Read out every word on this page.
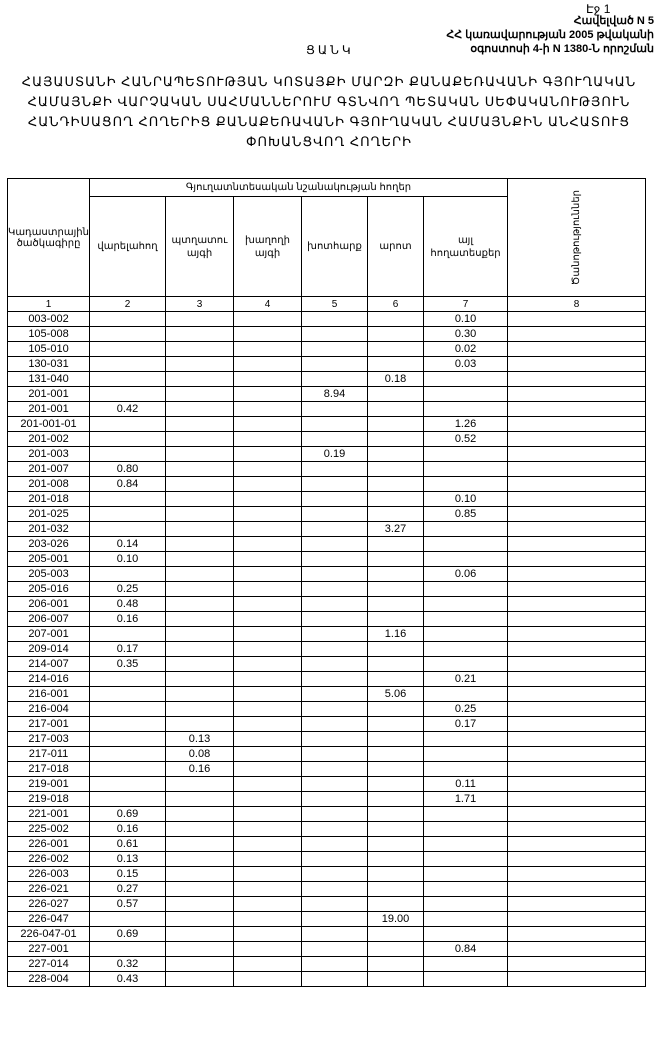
Էջ 1
Հավելված N 5
ՀՀ կառավարության 2005 թվականի
օգոստոսի 4-ի N 1380-Ն որոշման
ՑԱՆԿ
ՀԱՅԱՍՏԱՆԻ ՀԱՆՐԱՊԵՏՈՒԹՅԱՆ ԿՈՏԱՅՔԻ ՄԱՐԶԻ ՔԱՆԱՔԵՌԱՎԱՆԻ ԳՅՈՒՂԱԿԱՆ
ՀԱՄԱՅՆՔԻ ՎԱՐՉԱԿԱՆ ՍԱՀՄԱՆՆԵՐՈՒՄ ԳՏՆՎՈՂ ՊԵՏԱԿԱՆ ՍԵՓԱԿԱՆՈՒԹՅՈՒՆ
ՀԱՆԴԻՍԱՑՈՂ ՀՈՂԵՐԻՑ ՔԱՆԱՔԵՌԱՎԱՆԻ ԳՅՈՒՂԱԿԱՆ ՀԱՄԱՅՆՔԻՆ ԱՆՀԱՏՈՒՑ
ՓՈԽԱՆՑՎՈՂ ՀՈՂԵՐԻ
Կադաստրային ծածկագիրը	Գյուղատնտեսական նշանակության հողեր						Ծանոթություններ

	վարելահող	պտղատու այգի	խաղողի այգի	խոտհարք	արոտ	այլ հողատեսքեր	
1	2	3	4	5	6	7	8
003-002						0.10	
105-008						0.30	
105-010						0.02	
130-031						0.03	
131-040					0.18		
201-001				8.94			
201-001	0.42						
201-001-01						1.26	
201-002						0.52	
201-003				0.19			
201-007	0.80						
201-008	0.84						
201-018						0.10	
201-025						0.85	
201-032					3.27		
203-026	0.14						
205-001	0.10						
205-003						0.06	
205-016	0.25						
206-001	0.48						
206-007	0.16						
207-001					1.16		
209-014	0.17						
214-007	0.35						
214-016						0.21	
216-001					5.06		
216-004						0.25	
217-001						0.17	
217-003		0.13					
217-011		0.08					
217-018		0.16					
219-001						0.11	
219-018						1.71	
221-001	0.69						
225-002	0.16						
226-001	0.61						
226-002	0.13						
226-003	0.15						
226-021	0.27						
226-027	0.57						
226-047					19.00		
226-047-01	0.69						
227-001						0.84	
227-014	0.32						
228-004	0.43						
